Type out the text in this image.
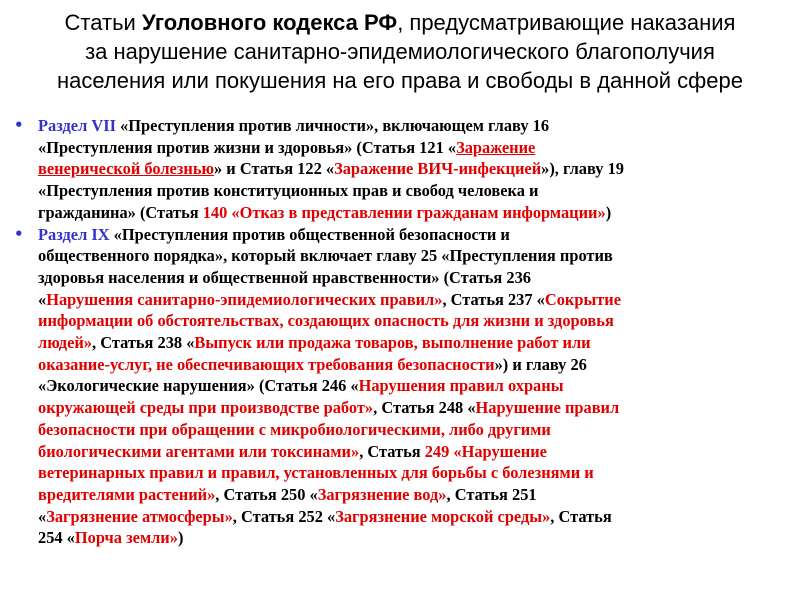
Статьи Уголовного кодекса РФ, предусматривающие наказания
за нарушение санитарно-эпидемиологического благополучия
населения или покушения на его права и свободы в данной сфере
• Раздел VII «Преступления против личности», включающем главу 16
«Преступления против жизни и здоровья» (Статья 121 «Заражение
венерической болезнью» и Статья 122 «Заражение ВИЧ-инфекцией»), главу 19
«Преступления против конституционных прав и свобод человека и
гражданина» (Статья 140 «Отказ в представлении гражданам информации»)
• Раздел IX «Преступления против общественной безопасности и
общественного порядка», который включает главу 25 «Преступления против
здоровья населения и общественной нравственности» (Статья 236
«Нарушения санитарно-эпидемиологических правил», Статья 237 «Сокрытие
информации об обстоятельствах, создающих опасность для жизни и здоровья
людей», Статья 238 «Выпуск или продажа товаров, выполнение работ или
оказание-услуг, не обеспечивающих требования безопасности») и главу 26
«Экологические нарушения» (Статья 246 «Нарушения правил охраны
окружающей среды при производстве работ», Статья 248 «Нарушение правил
безопасности при обращении с микробиологическими, либо другими
биологическими агентами или токсинами», Статья 249 «Нарушение
ветеринарных правил и правил, установленных для борьбы с болезнями и
вредителями растений», Статья 250 «Загрязнение вод», Статья 251
«Загрязнение атмосферы», Статья 252 «Загрязнение морской среды», Статья
254 «Порча земли»)
